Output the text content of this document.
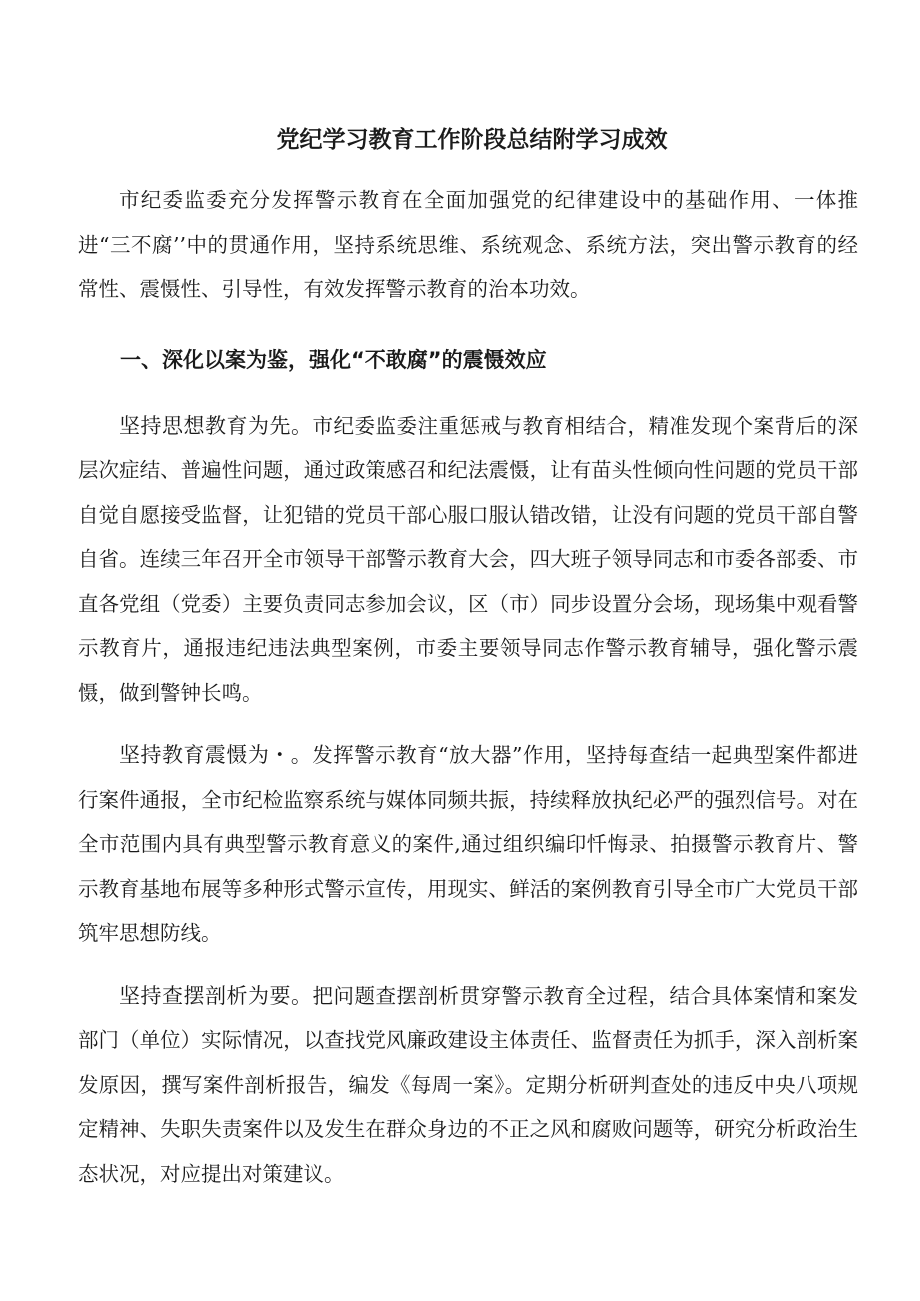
党纪学习教育工作阶段总结附学习成效

市纪委监委充分发挥警示教育在全面加强党的纪律建设中的基础作用、一体推进“三不腐’’中的贯通作用，坚持系统思维、系统观念、系统方法，突出警示教育的经常性、震慑性、引导性，有效发挥警示教育的治本功效。

一、深化以案为鉴，强化“不敢腐”的震慑效应

坚持思想教育为先。市纪委监委注重惩戒与教育相结合，精准发现个案背后的深层次症结、普遍性问题，通过政策感召和纪法震慑，让有苗头性倾向性问题的党员干部自觉自愿接受监督，让犯错的党员干部心服口服认错改错，让没有问题的党员干部自警自省。连续三年召开全市领导干部警示教育大会，四大班子领导同志和市委各部委、市直各党组（党委）主要负责同志参加会议，区（市）同步设置分会场，现场集中观看警示教育片，通报违纪违法典型案例，市委主要领导同志作警示教育辅导，强化警示震慑，做到警钟长鸣。

坚持教育震慑为・。发挥警示教育“放大器”作用，坚持每查结一起典型案件都进行案件通报，全市纪检监察系统与媒体同频共振，持续释放执纪必严的强烈信号。对在全市范围内具有典型警示教育意义的案件,通过组织编印忏悔录、拍摄警示教育片、警示教育基地布展等多种形式警示宣传，用现实、鲜活的案例教育引导全市广大党员干部筑牢思想防线。

坚持查摆剖析为要。把问题查摆剖析贯穿警示教育全过程，结合具体案情和案发部门（单位）实际情况，以查找党风廉政建设主体责任、监督责任为抓手，深入剖析案发原因，撰写案件剖析报告，编发《每周一案》。定期分析研判查处的违反中央八项规定精神、失职失责案件以及发生在群众身边的不正之风和腐败问题等，研究分析政治生态状况，对应提出对策建议。
